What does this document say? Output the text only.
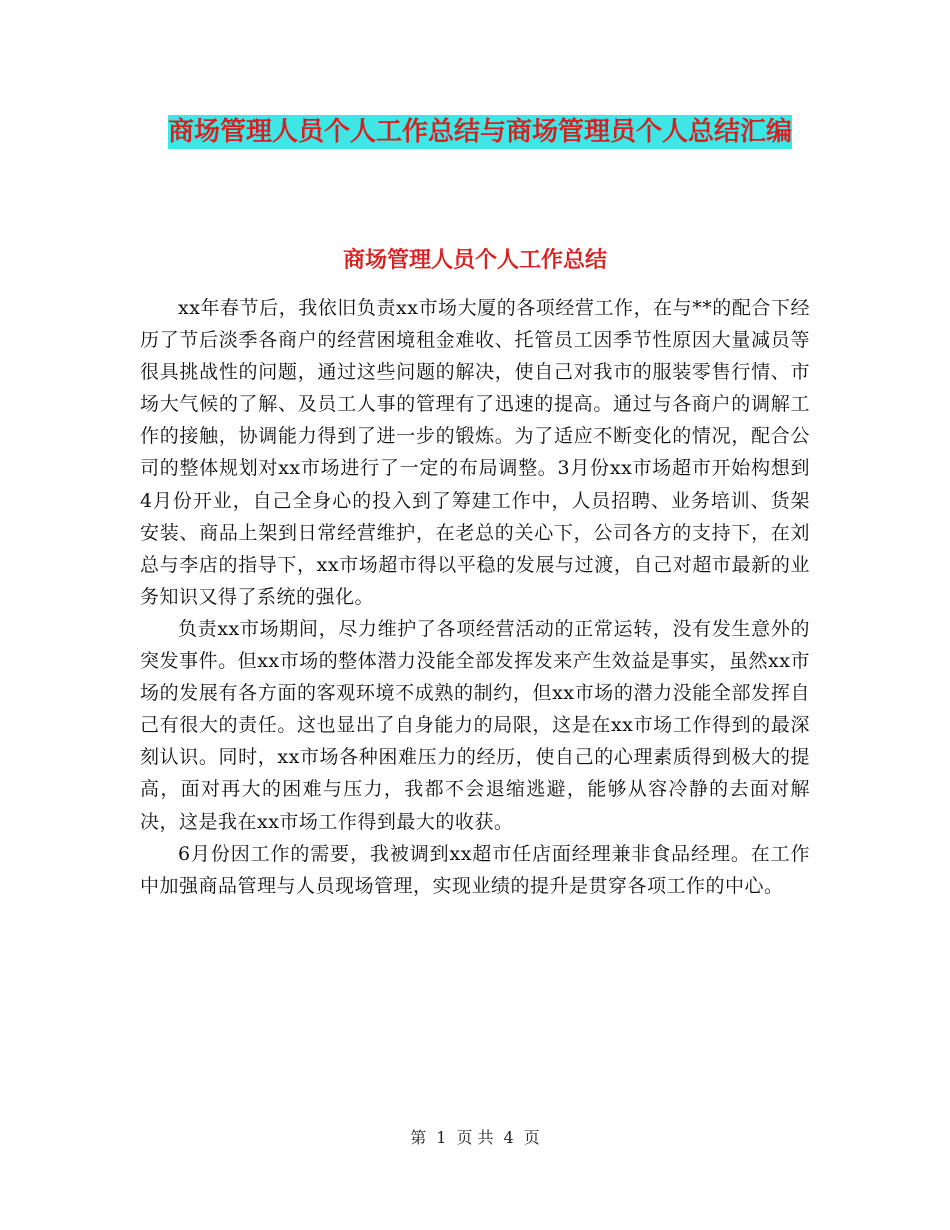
商场管理人员个人工作总结与商场管理员个人总结汇编
商场管理人员个人工作总结

xx年春节后，我依旧负责xx市场大厦的各项经营工作，在与**的配合下经历了节后淡季各商户的经营困境租金难收、托管员工因季节性原因大量减员等很具挑战性的问题，通过这些问题的解决，使自己对我市的服装零售行情、市场大气候的了解、及员工人事的管理有了迅速的提高。通过与各商户的调解工作的接触，协调能力得到了进一步的锻炼。为了适应不断变化的情况，配合公司的整体规划对xx市场进行了一定的布局调整。3月份xx市场超市开始构想到4月份开业，自己全身心的投入到了筹建工作中，人员招聘、业务培训、货架安装、商品上架到日常经营维护，在老总的关心下，公司各方的支持下，在刘总与李店的指导下，xx市场超市得以平稳的发展与过渡，自己对超市最新的业务知识又得了系统的强化。

负责xx市场期间，尽力维护了各项经营活动的正常运转，没有发生意外的突发事件。但xx市场的整体潜力没能全部发挥发来产生效益是事实，虽然xx市场的发展有各方面的客观环境不成熟的制约，但xx市场的潜力没能全部发挥自己有很大的责任。这也显出了自身能力的局限，这是在xx市场工作得到的最深刻认识。同时，xx市场各种困难压力的经历，使自己的心理素质得到极大的提高，面对再大的困难与压力，我都不会退缩逃避，能够从容冷静的去面对解决，这是我在xx市场工作得到最大的收获。

6月份因工作的需要，我被调到xx超市任店面经理兼非食品经理。在工作中加强商品管理与人员现场管理，实现业绩的提升是贯穿各项工作的中心。

第 1 页 共 4 页
